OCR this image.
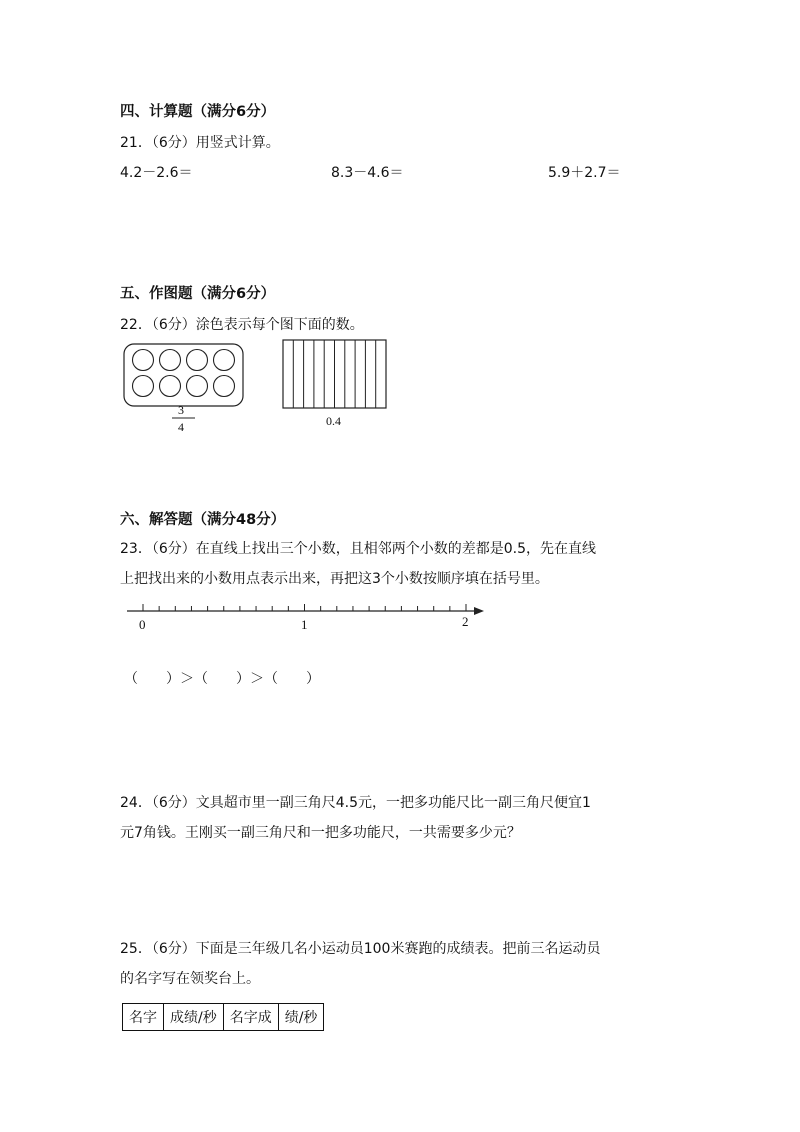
四、计算题（满分6分）
21．（6分）用竖式计算。
4.2－2.6＝	8.3－4.6＝	5.9＋2.7＝
五、作图题（满分6分）
22．（6分）涂色表示每个图下面的数。
3
4	0.4
六、解答题（满分48分）
23．（6分）在直线上找出三个小数，且相邻两个小数的差都是0.5，先在直线
上把找出来的小数用点表示出来，再把这3个小数按顺序填在括号里。
0	1	2
（　　）＞（　　）＞（　　）
24．（6分）文具超市里一副三角尺4.5元，一把多功能尺比一副三角尺便宜1
元7角钱。王刚买一副三角尺和一把多功能尺，一共需要多少元？
25．（6分）下面是三年级几名小运动员100米赛跑的成绩表。把前三名运动员
的名字写在领奖台上。
名字	成绩/秒	名字成	绩/秒
